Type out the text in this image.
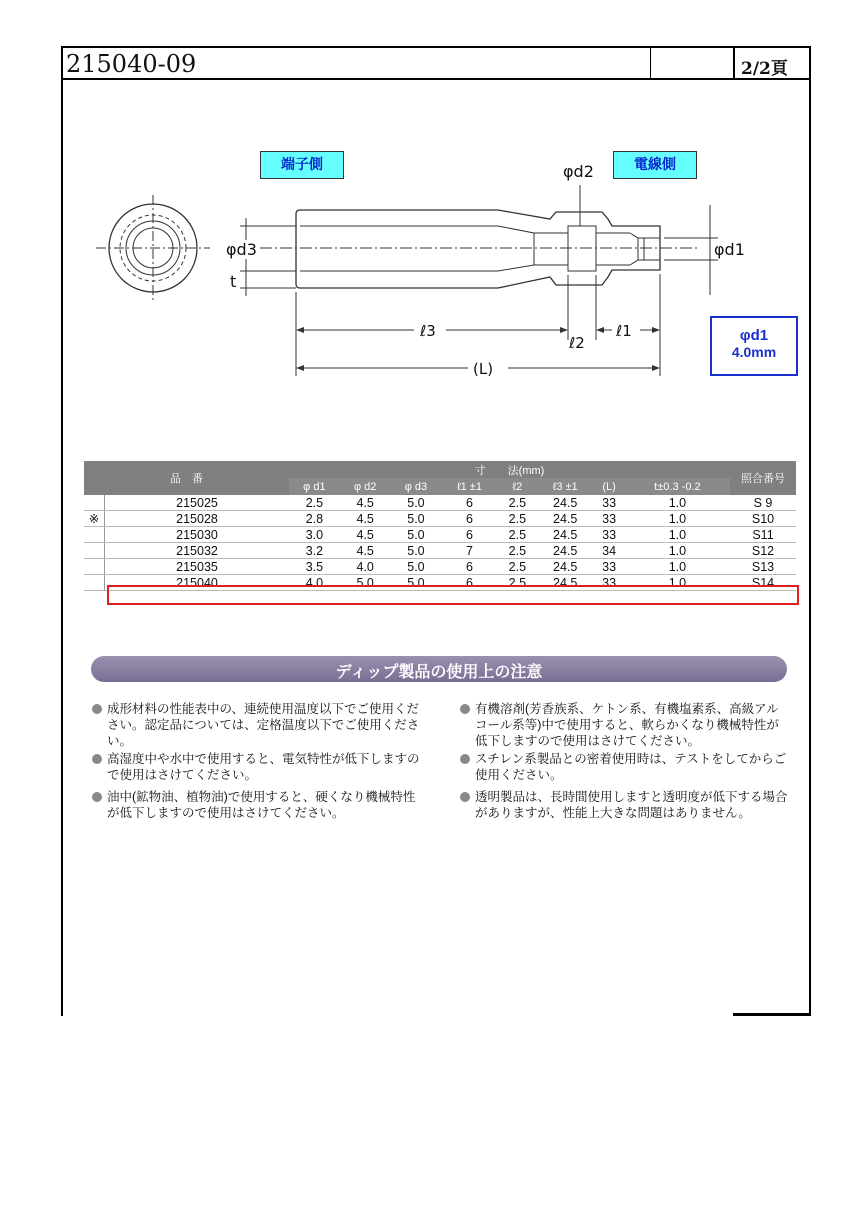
215040-09	2/2頁
端子側	電線側
φd2
φd3
t
φd1
ℓ3
ℓ2
ℓ1
(L)
φd1
4.0mm
品　番		寸　　法(mm)								照合番号
		φ d1	φ d2	φ d3	ℓ1 ±1	ℓ2	ℓ3 ±1	(L)	t±0.3 -0.2	
	215025	2.5	4.5	5.0	6	2.5	24.5	33	1.0	S 9
※	215028	2.8	4.5	5.0	6	2.5	24.5	33	1.0	S10
	215030	3.0	4.5	5.0	6	2.5	24.5	33	1.0	S11
	215032	3.2	4.5	5.0	7	2.5	24.5	34	1.0	S12
	215035	3.5	4.0	5.0	6	2.5	24.5	33	1.0	S13
	215040	4.0	5.0	5.0	6	2.5	24.5	33	1.0	S14
ディップ製品の使用上の注意
成形材料の性能表中の、連続使用温度以下でご使用ください。認定品については、定格温度以下でご使用ください。
高湿度中や水中で使用すると、電気特性が低下しますので使用はさけてください。
油中(鉱物油、植物油)で使用すると、硬くなり機械特性が低下しますので使用はさけてください。
有機溶剤(芳香族系、ケトン系、有機塩素系、高級アルコール系等)中で使用すると、軟らかくなり機械特性が低下しますので使用はさけてください。
スチレン系製品との密着使用時は、テストをしてからご使用ください。
透明製品は、長時間使用しますと透明度が低下する場合がありますが、性能上大きな問題はありません。
